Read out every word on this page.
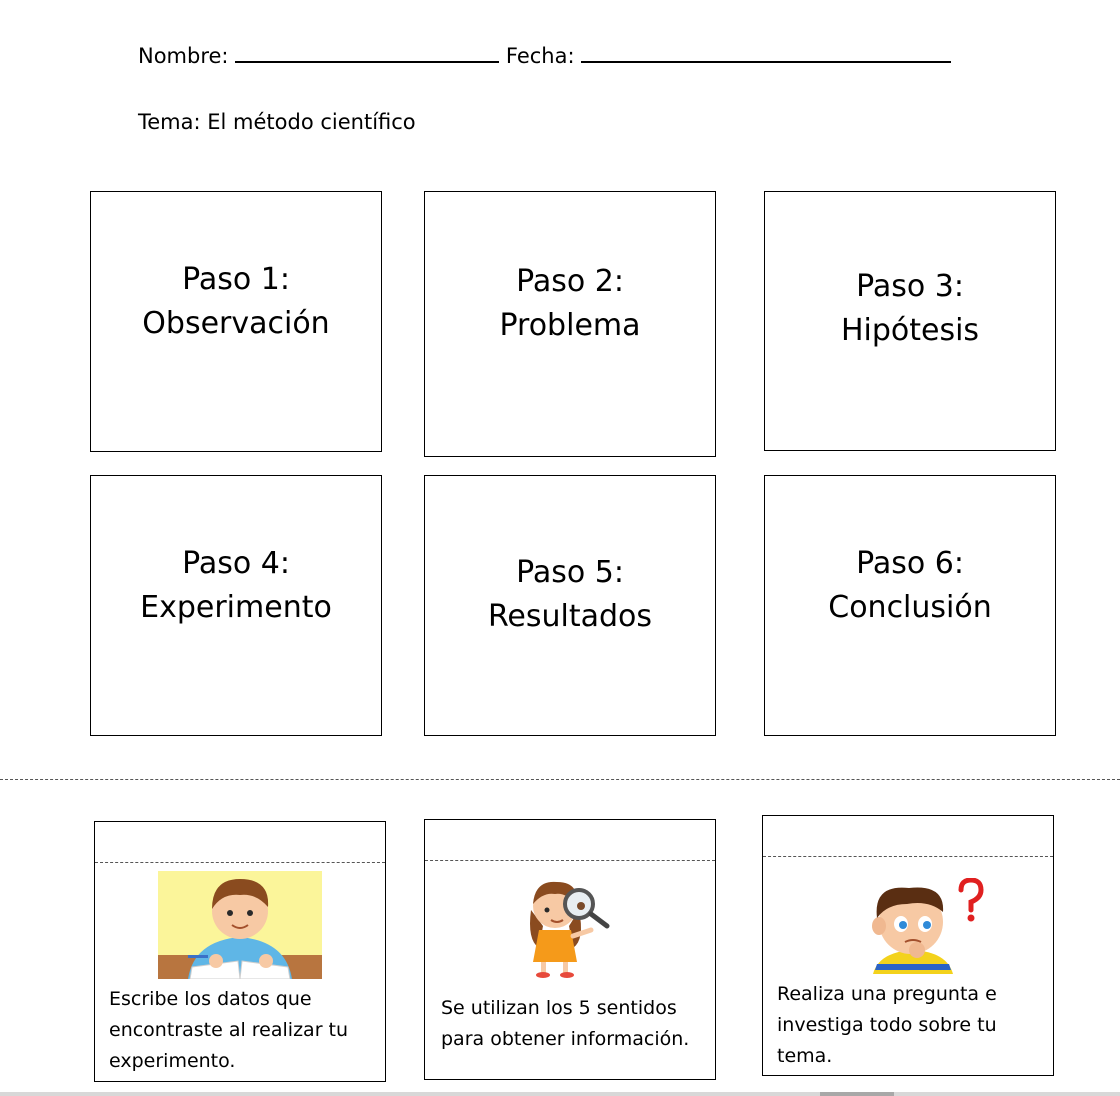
Nombre:	Fecha:
Tema: El método científico
Paso 1:
Observación
Paso 2:
Problema
Paso 3:
Hipótesis
Paso 4:
Experimento
Paso 5:
Resultados
Paso 6:
Conclusión
Escribe los datos que encontraste al realizar tu experimento.
Se utilizan los 5 sentidos para obtener información.
Realiza una pregunta e investiga todo sobre tu tema.
